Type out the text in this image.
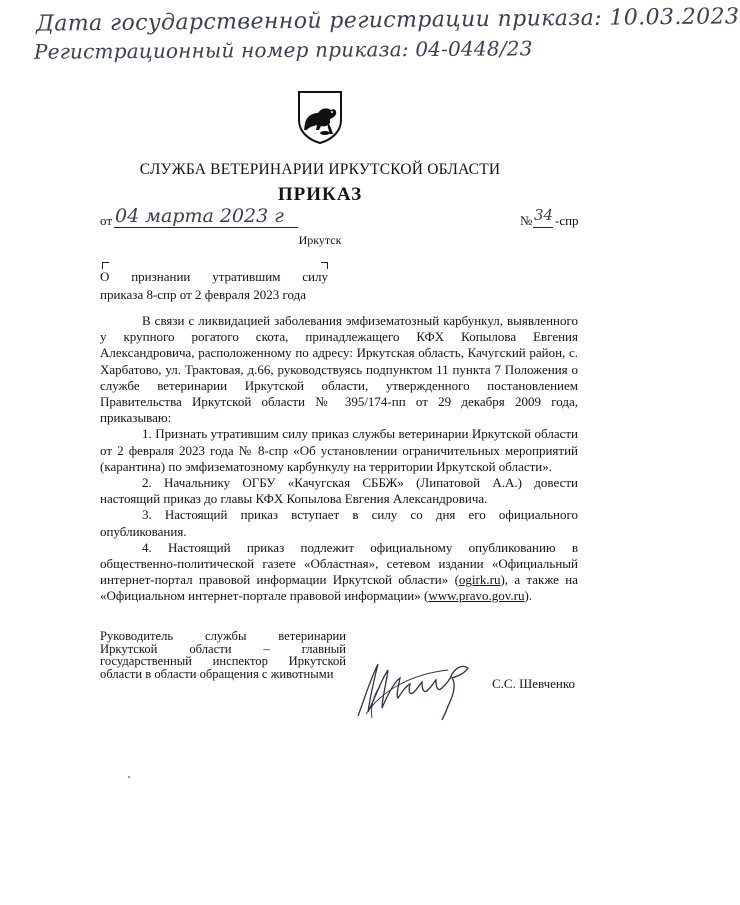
Дата государственной регистрации приказа: 10.03.2023
Регистрационный номер приказа: 04-0448/23
СЛУЖБА ВЕТЕРИНАРИИ ИРКУТСКОЙ ОБЛАСТИ
ПРИКАЗ
от 04 марта 2023 г	№ 34 -спр
Иркутск
О признании утратившим силу
приказа 8-спр от 2 февраля 2023 года

В связи с ликвидацией заболевания эмфизематозный карбункул, выявленного у крупного рогатого скота, принадлежащего КФХ Копылова Евгения Александровича, расположенному по адресу: Иркутская область, Качугский район, с. Харбатово, ул. Трактовая, д.66, руководствуясь подпунктом 11 пункта 7 Положения о службе ветеринарии Иркутской области, утвержденного постановлением Правительства Иркутской области № 395/174-пп от 29 декабря 2009 года, приказываю:

1. Признать утратившим силу приказ службы ветеринарии Иркутской области от 2 февраля 2023 года № 8-спр «Об установлении ограничительных мероприятий (карантина) по эмфизематозному карбункулу на территории Иркутской области».

2. Начальнику ОГБУ «Качугская СББЖ» (Липатовой А.А.) довести настоящий приказ до главы КФХ Копылова Евгения Александровича.

3. Настоящий приказ вступает в силу со дня его официального опубликования.

4. Настоящий приказ подлежит официальному опубликованию в общественно-политической газете «Областная», сетевом издании «Официальный интернет-портал правовой информации Иркутской области» (ogirk.ru), а также на «Официальном интернет-портале правовой информации» (www.pravo.gov.ru).

Руководитель службы ветеринарии Иркутской области – главный государственный инспектор Иркутской области в области обращения с животными
С.С. Шевченко
